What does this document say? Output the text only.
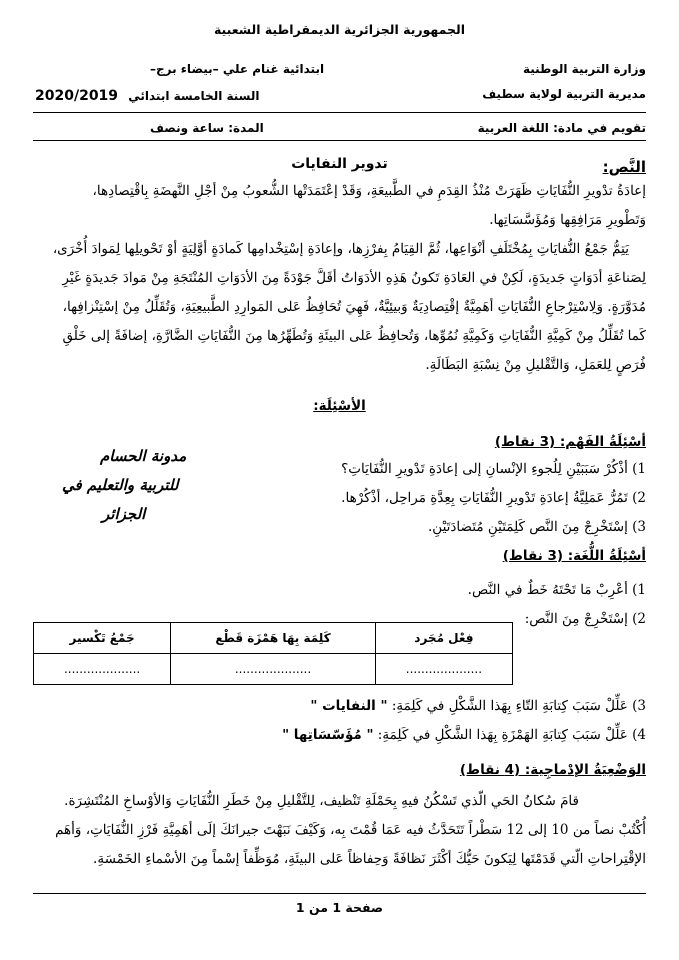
الجمهورية الجزائرية الديمقراطية الشعبية
وزارة التربية الوطنية
ابتدائية غنام علي –بيضاء برج–
مديرية التربية لولاية سطيف
السنة الخامسة ابتدائي 2020/2019
تقويم في مادة: اللغة العربية
المدة: ساعة ونصف
النَّص:
تدوير النفايات
إعادَةُ تدْويرِ النُّفَايَاتِ ظَهَرَتْ مُنْذُ القِدَمِ في الطَّبيعَةِ، وَقَدْ إعْتَمَدَتْها الشُّعوبُ مِنْ أجْلِ النَّهضَةِ بِاقْتِصادِها،
وَتَطْويرِ مَرَافِقِها وَمُؤَسَّسَاتِها.
يَتِمُّ جَمْعُ النُّفايَاتِ بِمُخْتَلَفِ أنْوَاعِها، ثُمَّ القِيَامُ بِفرْزِها، وإعادَةِ إسْتِخْدامِها كَمادَةٍ أوَّلِيَةٍ أوْ تَحْويلِها لِمَوادَ أُخْرَى،
لِصَناعَةِ أدَوَاتٍ جَديدَةٍ، لَكِنْ في العَادَةِ تَكونُ هَذِهِ الأدَوَاتُ أقَلَّ جَوْدَةً مِنَ الأدَوَاتِ المُنْتَجَةِ مِنْ مَوادَ جَديدَةٍ غَيْرِ
مُدَوَّرَةٍ. وَلِاسْتِرْجاعِ النُّفَايَاتِ أهَمِيَّةٌ إقْتِصادِيَةٌ وَبيئِيَّةٌ، فَهِيَ تُحَافِظُ عَلى المَوارِدِ الطَّبيعِيَةِ، وَتُقَلِّلُ مِنْ إسْتِنْزافِها،
كَما تُقَلِّلُ مِنْ كَمِيَّةِ النُّفَايَاتِ وَكَمِيَّةِ نُمُوِّها، وَتُحافِظُ عَلى البيئَةِ وَتُطَهِّرُها مِنَ النُّفَايَاتِ الضَّارَّةِ، إضافَةً إلى خَلْقِ
فُرَصٍ لِلعَمَلِ، وَالتَّقْليلِ مِنْ نِسْبَةِ البَطَالَةِ.
الأسْئِلَة:
أسْئِلَةُ الفَهْم: (3 نقاط)
1) أذْكُرْ سَبَبَيْنِ لِلُجوءِ الإنْسانِ إلى إعادَةِ تَدْويرِ النُّفَايَاتِ؟
2) تَمُرُّ عَمَلِيَّةُ إعادَةِ تَدْويرِ النُّفَايَاتِ بِعِدَّةِ مَراحِل، أذْكُرْها.
3) إسْتَخْرِجْ مِنَ النَّص كَلِمَتَيْنِ مُتَضادَتَيْنِ.
مدونة الحسام
للتربية والتعليم في
الجزائر
أسْئِلَةُ اللُّغَة: (3 نقاط)
1) أعْرِبْ مَا تَحْتَهُ خَطٌ في النَّص.
2) إسْتَخْرِجْ مِنَ النَّص:
فِعْل مُجَرد	كَلِمَة بِهَا هَمْزَة قَطْع	جَمْعُ تَكْسير
....................	....................	....................
3) عَلِّلْ سَبَبَ كِتابَةِ التّاءِ بِهَذا الشَّكْلِ في كَلِمَةِ: " النفايات "
4) عَلِّلْ سَبَبَ كِتابَةِ الهَمْزَةِ بِهَذا الشَّكْلِ في كَلِمَةِ: " مُؤَسّسَاتِها "
الوَضْعِيَةُ الإدْماجِية: (4 نقاط)
قامَ سُكانُ الحَي الّذي تَسْكُنُ فيهِ بِحَمْلَةِ تَنْظيف، لِلتَّقْليلِ مِنْ خَطَرِ النُّفَايَاتِ وَالأوْساخِ المُنْتَشِرَة.
أُكْتُبْ نصاً من 10 إلى 12 سَطْراً تَتَحَدَّثُ فيه عَمَا قُمْتَ بِه، وَكَيْفَ نَبَهْتَ جيرانَكَ إلَى أهَمِيَّةِ فَرْزِ النُّفَايَاتِ، وَأهَم
الإقْتِراحاتِ الّتي قَدَمْتَها لِيَكونَ حَيُّكَ أكْثَرَ نَظافَةً وَحِفاظاً عَلى البيئَةِ، مُوَظِّفاً إسْماً مِنَ الأسْماءِ الخَمْسَةِ.
صفحة 1 من 1
